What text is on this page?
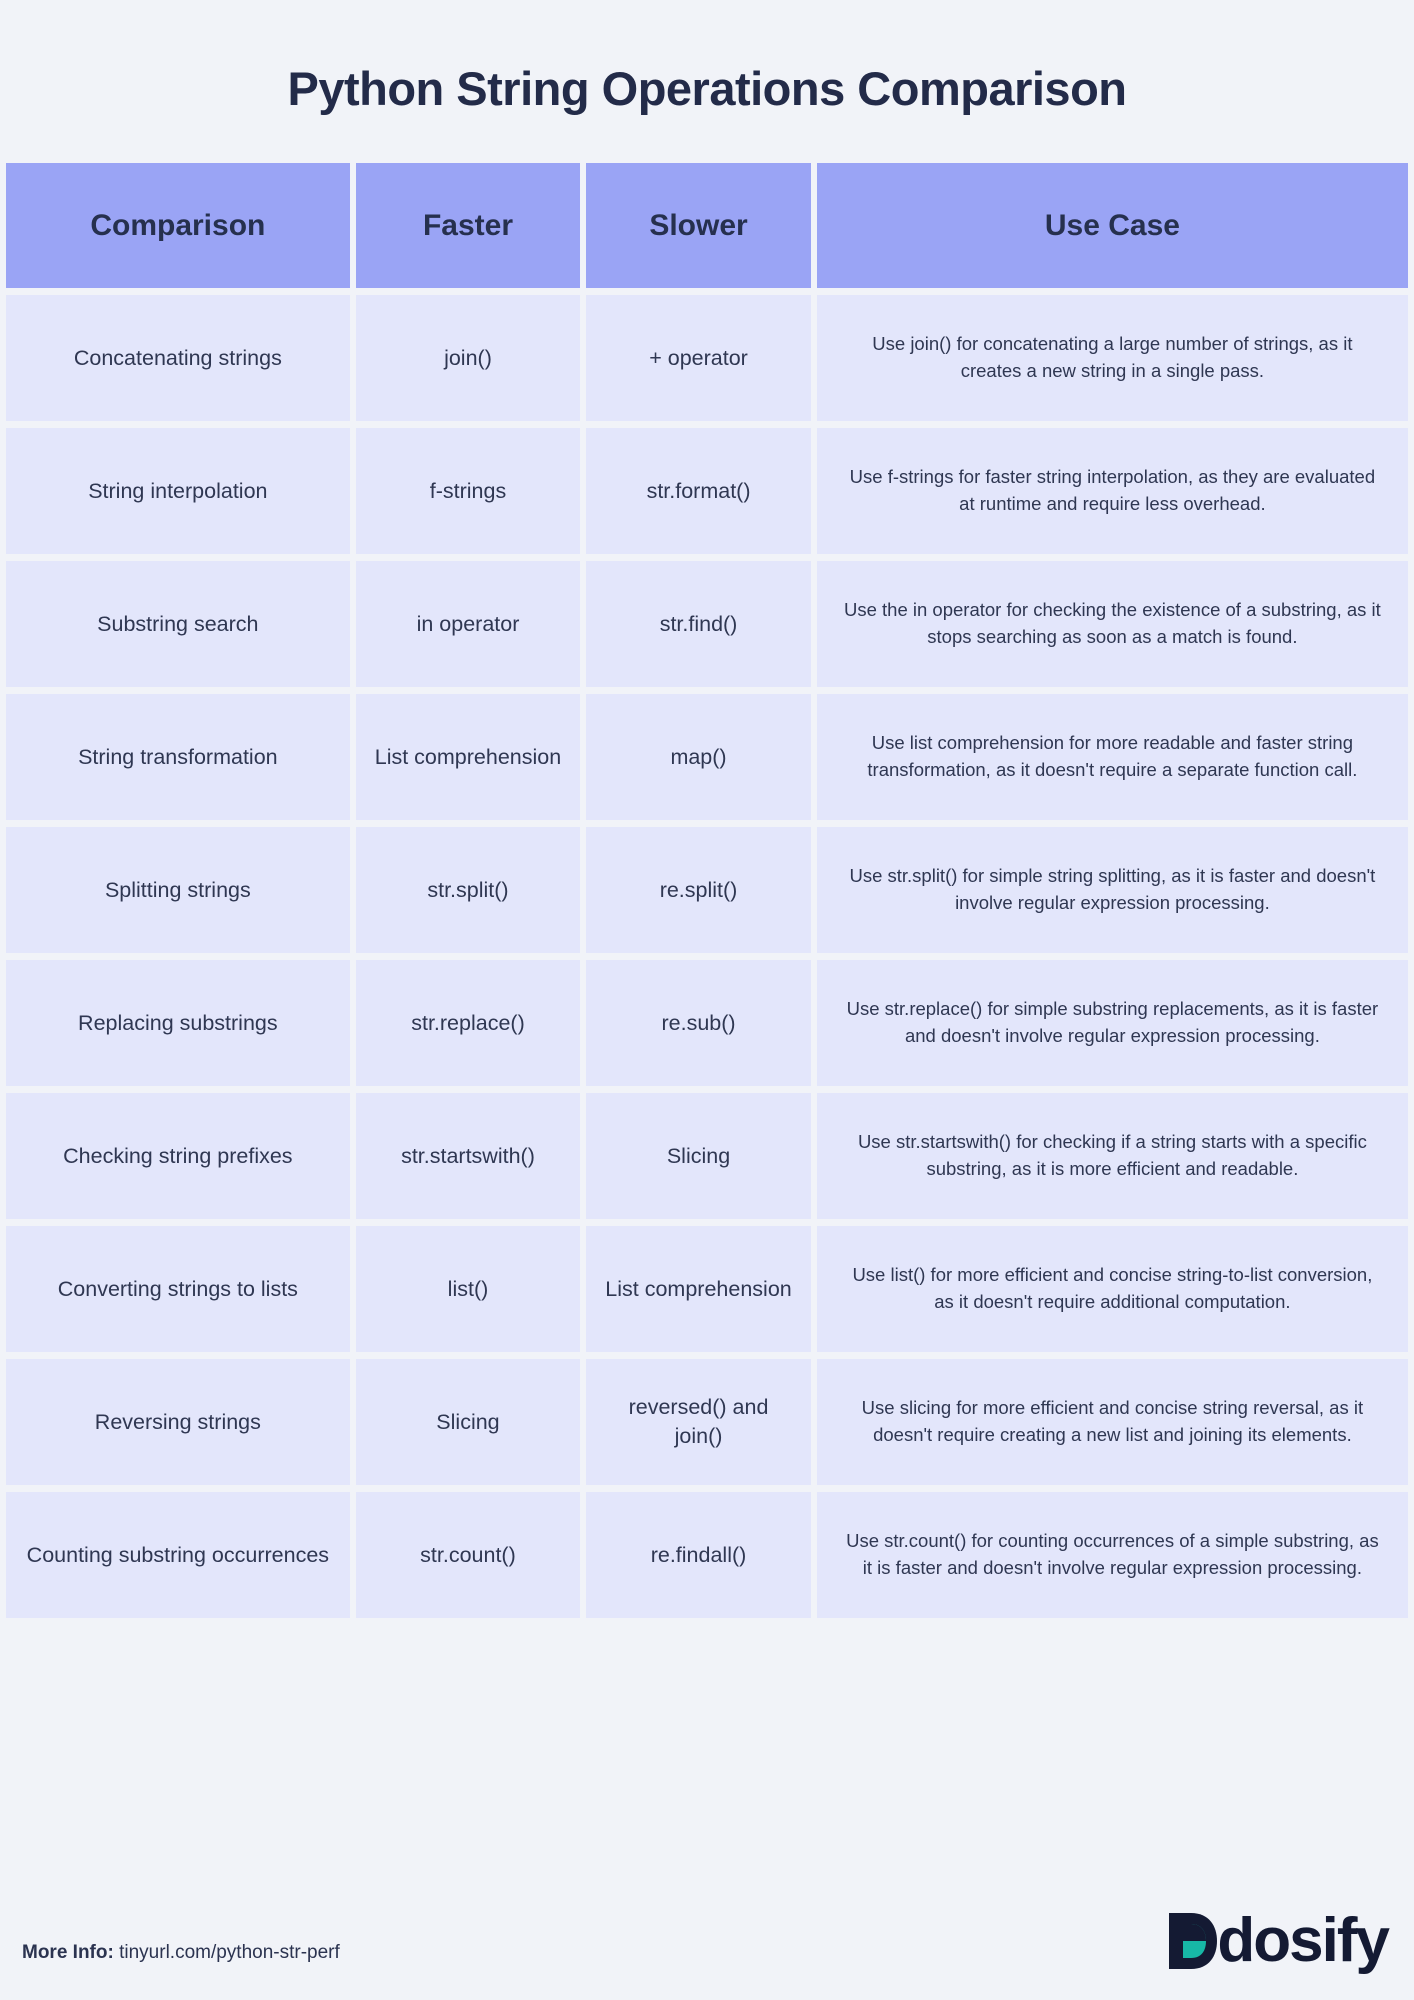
Python String Operations Comparison
Comparison	Faster	Slower	Use Case
Concatenating strings	join()	+ operator	Use join() for concatenating a large number of strings, as it creates a new string in a single pass.
String interpolation	f-strings	str.format()	Use f-strings for faster string interpolation, as they are evaluated at runtime and require less overhead.
Substring search	in operator	str.find()	Use the in operator for checking the existence of a substring, as it stops searching as soon as a match is found.
String transformation	List comprehension	map()	Use list comprehension for more readable and faster string transformation, as it doesn't require a separate function call.
Splitting strings	str.split()	re.split()	Use str.split() for simple string splitting, as it is faster and doesn't involve regular expression processing.
Replacing substrings	str.replace()	re.sub()	Use str.replace() for simple substring replacements, as it is faster and doesn't involve regular expression processing.
Checking string prefixes	str.startswith()	Slicing	Use str.startswith() for checking if a string starts with a specific substring, as it is more efficient and readable.
Converting strings to lists	list()	List comprehension	Use list() for more efficient and concise string-to-list conversion, as it doesn't require additional computation.
Reversing strings	Slicing	reversed() and join()	Use slicing for more efficient and concise string reversal, as it doesn't require creating a new list and joining its elements.
Counting substring occurrences	str.count()	re.findall()	Use str.count() for counting occurrences of a simple substring, as it is faster and doesn't involve regular expression processing.
More Info: tinyurl.com/python-str-perf	dosify
